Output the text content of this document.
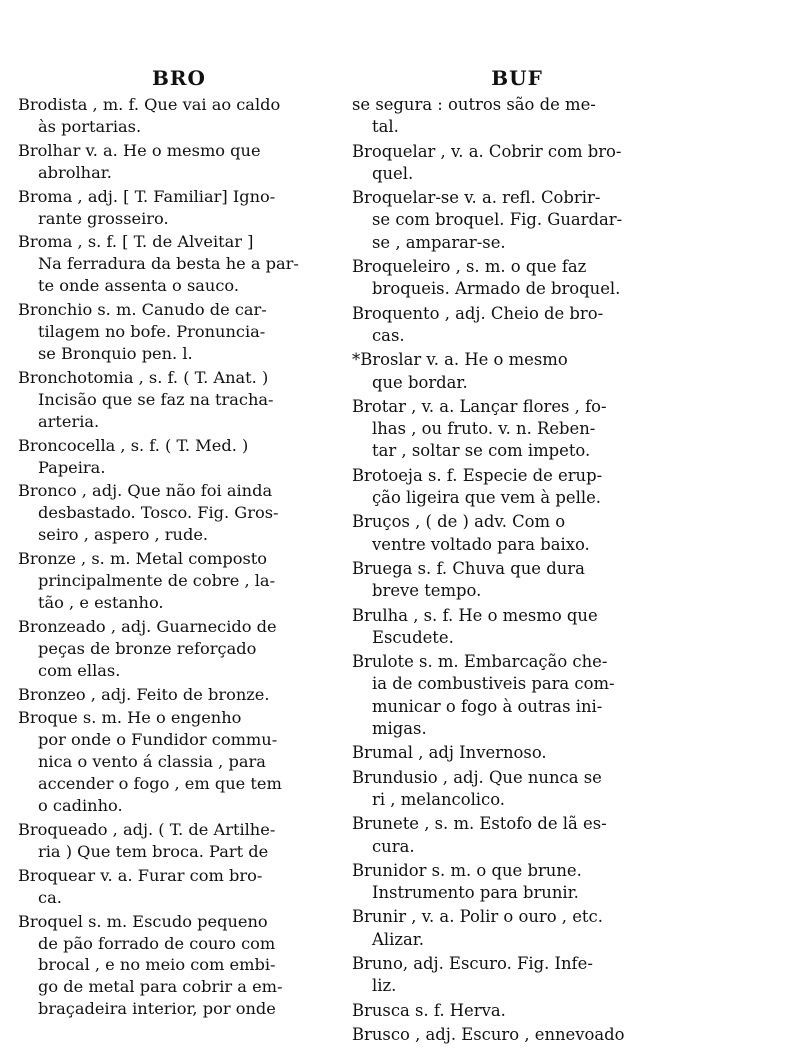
BRO
Brodista , m. f. Que vai ao caldo
às portarias.
Brolhar v. a. He o mesmo que
abrolhar.
Broma , adj. [ T. Familiar] Igno-
rante grosseiro.
Broma , s. f. [ T. de Alveitar ]
Na ferradura da besta he a par-
te onde assenta o sauco.
Bronchio s. m. Canudo de car-
tilagem no bofe. Pronuncia-
se Bronquio pen. l.
Bronchotomia , s. f. ( T. Anat. )
Incisão que se faz na tracha-
arteria.
Broncocella , s. f. ( T. Med. )
Papeira.
Bronco , adj. Que não foi ainda
desbastado. Tosco. Fig. Gros-
seiro , aspero , rude.
Bronze , s. m. Metal composto
principalmente de cobre , la-
tão , e estanho.
Bronzeado , adj. Guarnecido de
peças de bronze reforçado
com ellas.
Bronzeo , adj. Feito de bronze.
Broque s. m. He o engenho
por onde o Fundidor commu-
nica o vento á classia , para
accender o fogo , em que tem
o cadinho.
Broqueado , adj. ( T. de Artilhe-
ria ) Que tem broca. Part de
Broquear v. a. Furar com bro-
ca.
Broquel s. m. Escudo pequeno
de pão forrado de couro com
brocal , e no meio com embi-
go de metal para cobrir a em-
braçadeira interior, por onde
BUF
se segura : outros são de me-
tal.
Broquelar , v. a. Cobrir com bro-
quel.
Broquelar-se v. a. refl. Cobrir-
se com broquel. Fig. Guardar-
se , amparar-se.
Broqueleiro , s. m. o que faz
broqueis. Armado de broquel.
Broquento , adj. Cheio de bro-
cas.
*Broslar v. a. He o mesmo
que bordar.
Brotar , v. a. Lançar flores , fo-
lhas , ou fruto. v. n. Reben-
tar , soltar se com impeto.
Brotoeja s. f. Especie de erup-
ção ligeira que vem à pelle.
Bruços , ( de ) adv. Com o
ventre voltado para baixo.
Bruega s. f. Chuva que dura
breve tempo.
Brulha , s. f. He o mesmo que
Escudete.
Brulote s. m. Embarcação che-
ia de combustiveis para com-
municar o fogo à outras ini-
migas.
Brumal , adj Invernoso.
Brundusio , adj. Que nunca se
ri , melancolico.
Brunete , s. m. Estofo de lã es-
cura.
Brunidor s. m. o que brune.
Instrumento para brunir.
Brunir , v. a. Polir o ouro , etc.
Alizar.
Bruno, adj. Escuro. Fig. Infe-
liz.
Brusca s. f. Herva.
Brusco , adj. Escuro , ennevoado
